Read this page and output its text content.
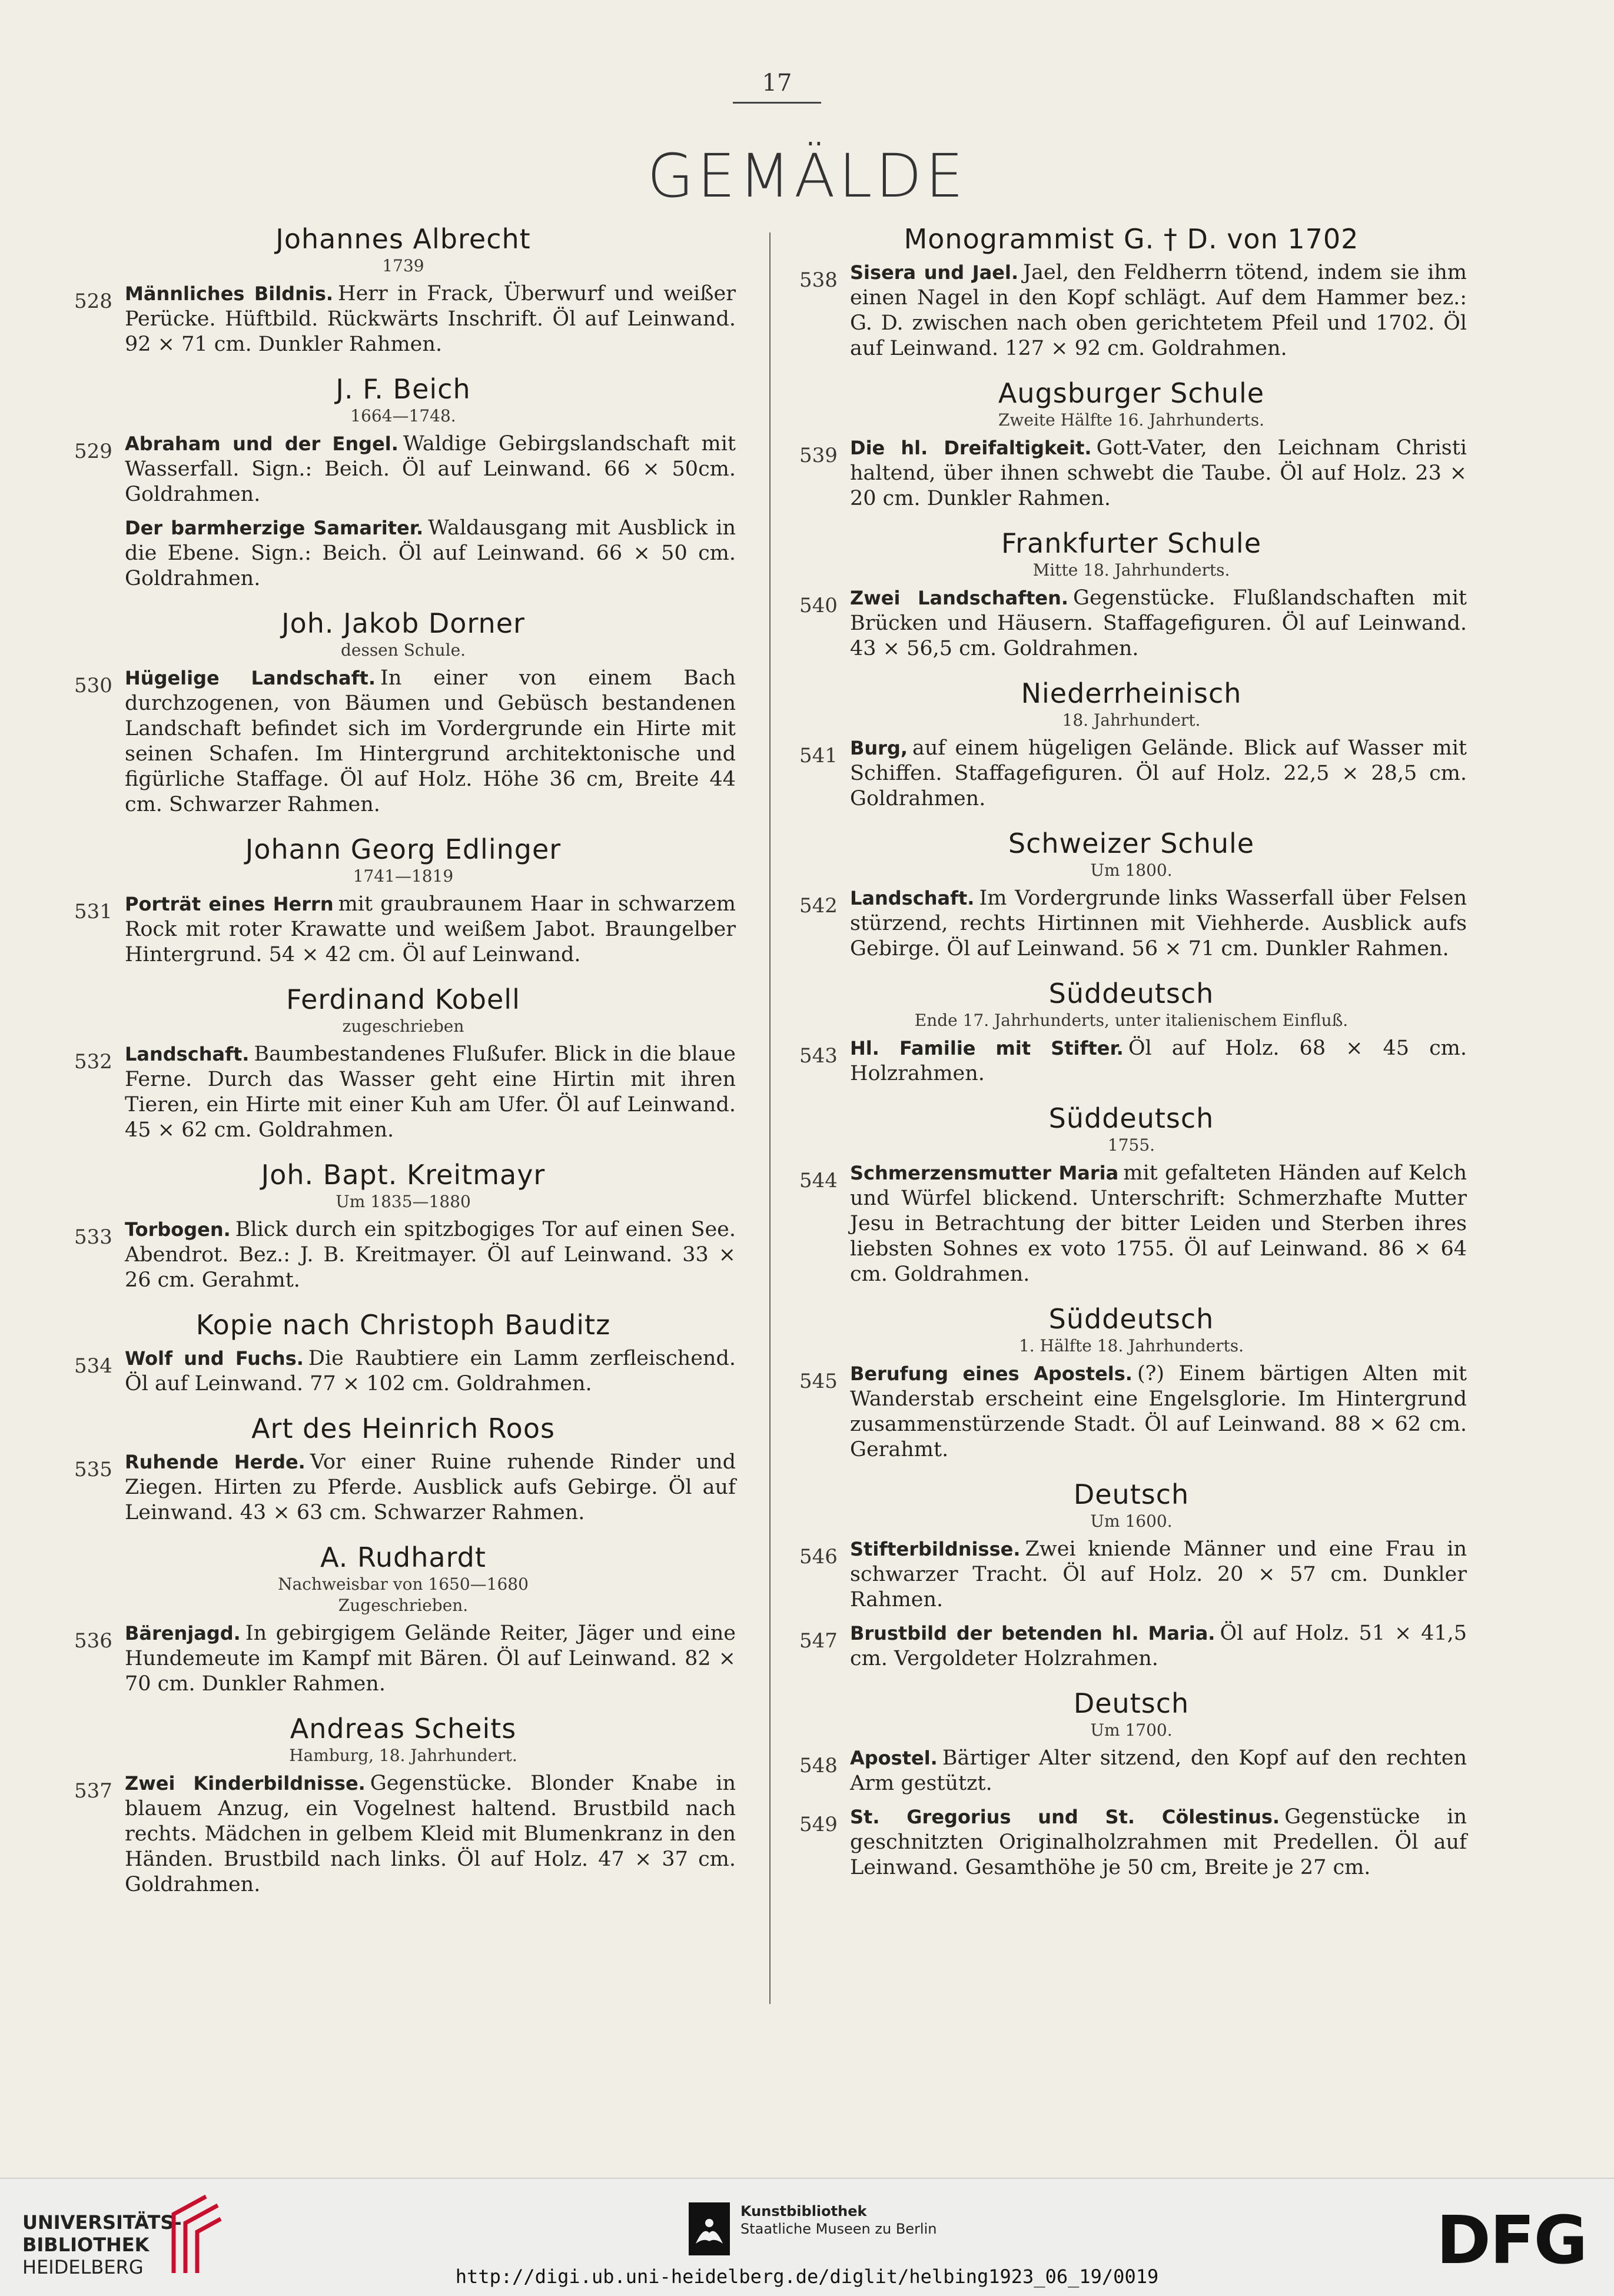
17
GEMÄLDE
Johannes Albrecht
1739
528 Männliches Bildnis. Herr in Frack, Überwurf und weißer Perücke. Hüftbild. Rückwärts Inschrift. Öl auf Leinwand. 92 × 71 cm. Dunkler Rahmen.
J. F. Beich
1664—1748.
529 Abraham und der Engel. Waldige Gebirgslandschaft mit Wasserfall. Sign.: Beich. Öl auf Leinwand. 66 × 50cm. Goldrahmen.
Der barmherzige Samariter. Waldausgang mit Ausblick in die Ebene. Sign.: Beich. Öl auf Leinwand. 66 × 50 cm. Goldrahmen.
Joh. Jakob Dorner
dessen Schule.
530 Hügelige Landschaft. In einer von einem Bach durchzogenen, von Bäumen und Gebüsch bestandenen Landschaft befindet sich im Vordergrunde ein Hirte mit seinen Schafen. Im Hintergrund architektonische und figürliche Staffage. Öl auf Holz. Höhe 36 cm, Breite 44 cm. Schwarzer Rahmen.
Johann Georg Edlinger
1741—1819
531 Porträt eines Herrn mit graubraunem Haar in schwarzem Rock mit roter Krawatte und weißem Jabot. Braungelber Hintergrund. 54 × 42 cm. Öl auf Leinwand.
Ferdinand Kobell
zugeschrieben
532 Landschaft. Baumbestandenes Flußufer. Blick in die blaue Ferne. Durch das Wasser geht eine Hirtin mit ihren Tieren, ein Hirte mit einer Kuh am Ufer. Öl auf Leinwand. 45 × 62 cm. Goldrahmen.
Joh. Bapt. Kreitmayr
Um 1835—1880
533 Torbogen. Blick durch ein spitzbogiges Tor auf einen See. Abendrot. Bez.: J. B. Kreitmayer. Öl auf Leinwand. 33 × 26 cm. Gerahmt.
Kopie nach Christoph Bauditz
534 Wolf und Fuchs. Die Raubtiere ein Lamm zerfleischend. Öl auf Leinwand. 77 × 102 cm. Goldrahmen.
Art des Heinrich Roos
535 Ruhende Herde. Vor einer Ruine ruhende Rinder und Ziegen. Hirten zu Pferde. Ausblick aufs Gebirge. Öl auf Leinwand. 43 × 63 cm. Schwarzer Rahmen.
A. Rudhardt
Nachweisbar von 1650—1680
Zugeschrieben.
536 Bärenjagd. In gebirgigem Gelände Reiter, Jäger und eine Hundemeute im Kampf mit Bären. Öl auf Leinwand. 82 × 70 cm. Dunkler Rahmen.
Andreas Scheits
Hamburg, 18. Jahrhundert.
537 Zwei Kinderbildnisse. Gegenstücke. Blonder Knabe in blauem Anzug, ein Vogelnest haltend. Brustbild nach rechts. Mädchen in gelbem Kleid mit Blumenkranz in den Händen. Brustbild nach links. Öl auf Holz. 47 × 37 cm. Goldrahmen.
Monogrammist G. † D. von 1702
538 Sisera und Jael. Jael, den Feldherrn tötend, indem sie ihm einen Nagel in den Kopf schlägt. Auf dem Hammer bez.: G. D. zwischen nach oben gerichtetem Pfeil und 1702. Öl auf Leinwand. 127 × 92 cm. Goldrahmen.
Augsburger Schule
Zweite Hälfte 16. Jahrhunderts.
539 Die hl. Dreifaltigkeit. Gott-Vater, den Leichnam Christi haltend, über ihnen schwebt die Taube. Öl auf Holz. 23 × 20 cm. Dunkler Rahmen.
Frankfurter Schule
Mitte 18. Jahrhunderts.
540 Zwei Landschaften. Gegenstücke. Flußlandschaften mit Brücken und Häusern. Staffagefiguren. Öl auf Leinwand. 43 × 56,5 cm. Goldrahmen.
Niederrheinisch
18. Jahrhundert.
541 Burg, auf einem hügeligen Gelände. Blick auf Wasser mit Schiffen. Staffagefiguren. Öl auf Holz. 22,5 × 28,5 cm. Goldrahmen.
Schweizer Schule
Um 1800.
542 Landschaft. Im Vordergrunde links Wasserfall über Felsen stürzend, rechts Hirtinnen mit Viehherde. Ausblick aufs Gebirge. Öl auf Leinwand. 56 × 71 cm. Dunkler Rahmen.
Süddeutsch
Ende 17. Jahrhunderts, unter italienischem Einfluß.
543 Hl. Familie mit Stifter. Öl auf Holz. 68 × 45 cm. Holzrahmen.
Süddeutsch
1755.
544 Schmerzensmutter Maria mit gefalteten Händen auf Kelch und Würfel blickend. Unterschrift: Schmerzhafte Mutter Jesu in Betrachtung der bitter Leiden und Sterben ihres liebsten Sohnes ex voto 1755. Öl auf Leinwand. 86 × 64 cm. Goldrahmen.
Süddeutsch
1. Hälfte 18. Jahrhunderts.
545 Berufung eines Apostels. (?) Einem bärtigen Alten mit Wanderstab erscheint eine Engelsglorie. Im Hintergrund zusammenstürzende Stadt. Öl auf Leinwand. 88 × 62 cm. Gerahmt.
Deutsch
Um 1600.
546 Stifterbildnisse. Zwei kniende Männer und eine Frau in schwarzer Tracht. Öl auf Holz. 20 × 57 cm. Dunkler Rahmen.
547 Brustbild der betenden hl. Maria. Öl auf Holz. 51 × 41,5 cm. Vergoldeter Holzrahmen.
Deutsch
Um 1700.
548 Apostel. Bärtiger Alter sitzend, den Kopf auf den rechten Arm gestützt.
549 St. Gregorius und St. Cölestinus. Gegenstücke in geschnitzten Originalholzrahmen mit Predellen. Öl auf Leinwand. Gesamthöhe je 50 cm, Breite je 27 cm.
UNIVERSITÄTS-
BIBLIOTHEK
HEIDELBERG
Kunstbibliothek
Staatliche Museen zu Berlin	DFG
http://digi.ub.uni-heidelberg.de/diglit/helbing1923_06_19/0019
